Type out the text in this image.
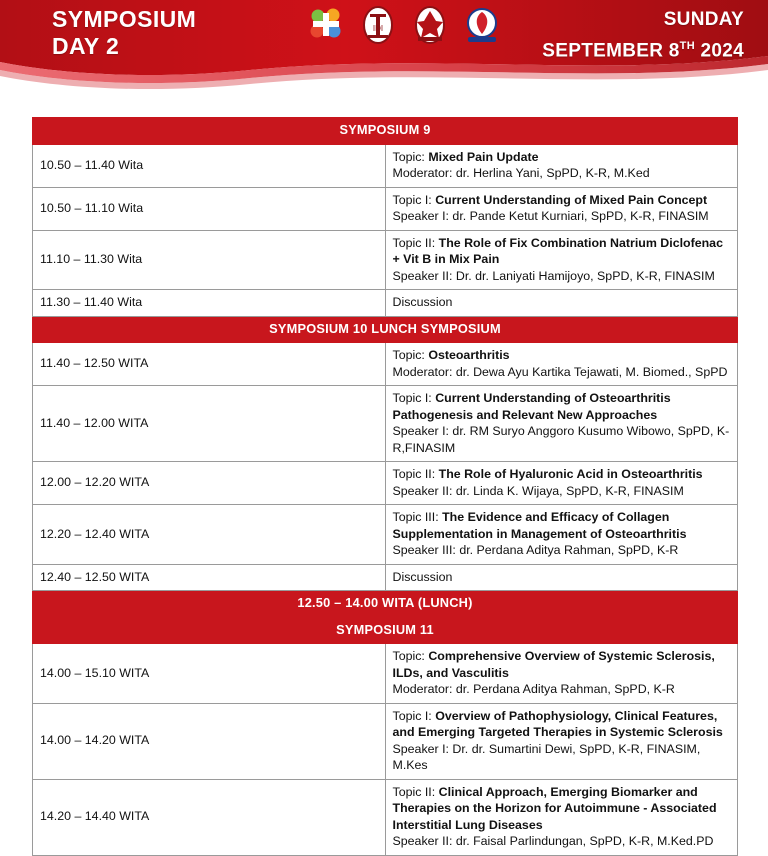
SYMPOSIUM
DAY 2
SUNDAY
SEPTEMBER 8TH 2024
IDI
SYMPOSIUM 9	
10.50 – 11.40 Wita	Topic: Mixed Pain Update
Moderator: dr. Herlina Yani, SpPD, K-R, M.Ked

10.50 – 11.10 Wita	Topic I: Current Understanding of Mixed Pain Concept
Speaker I: dr. Pande Ketut Kurniari, SpPD, K-R, FINASIM

11.10 – 11.30 Wita	Topic II: The Role of Fix Combination Natrium Diclofenac + Vit B in Mix Pain
Speaker II: Dr. dr. Laniyati Hamijoyo, SpPD, K-R, FINASIM

11.30 – 11.40 Wita	Discussion

SYMPOSIUM 10 LUNCH SYMPOSIUM	
11.40 – 12.50 WITA	Topic: Osteoarthritis
Moderator: dr. Dewa Ayu Kartika Tejawati, M. Biomed., SpPD

11.40 – 12.00 WITA	Topic I: Current Understanding of Osteoarthritis Pathogenesis and Relevant New Approaches
Speaker I: dr. RM Suryo Anggoro Kusumo Wibowo, SpPD, K-R,FINASIM

12.00 – 12.20 WITA	Topic II: The Role of Hyaluronic Acid in Osteoarthritis
Speaker II: dr. Linda K. Wijaya, SpPD, K-R, FINASIM

12.20 – 12.40 WITA	Topic III: The Evidence and Efficacy of Collagen Supplementation in Management of Osteoarthritis
Speaker III: dr. Perdana Aditya Rahman, SpPD, K-R

12.40 – 12.50 WITA	Discussion

12.50 – 14.00 WITA (LUNCH)	
SYMPOSIUM 11	
14.00 – 15.10 WITA	Topic: Comprehensive Overview of Systemic Sclerosis, ILDs, and Vasculitis
Moderator: dr. Perdana Aditya Rahman, SpPD, K-R

14.00 – 14.20 WITA	Topic I: Overview of Pathophysiology, Clinical Features, and Emerging Targeted Therapies in Systemic Sclerosis
Speaker I: Dr. dr. Sumartini Dewi, SpPD, K-R, FINASIM, M.Kes

14.20 – 14.40 WITA	Topic II: Clinical Approach, Emerging Biomarker and Therapies on the Horizon for Autoimmune - Associated Interstitial Lung Diseases
Speaker II: dr. Faisal Parlindungan, SpPD, K-R, M.Ked.PD
